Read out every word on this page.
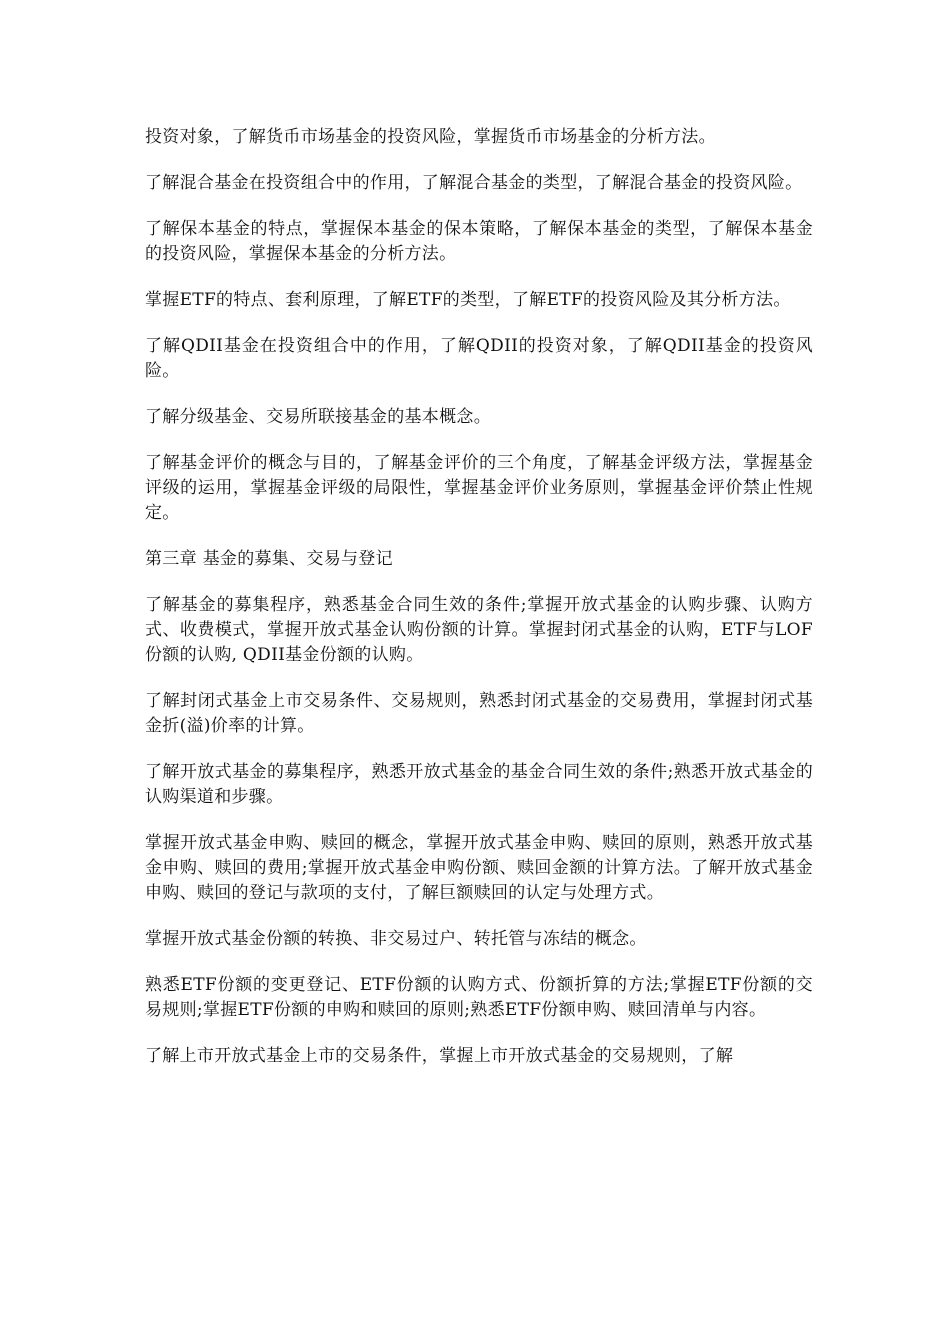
投资对象，了解货币市场基金的投资风险，掌握货币市场基金的分析方法。

了解混合基金在投资组合中的作用，了解混合基金的类型，了解混合基金的投资风险。

了解保本基金的特点，掌握保本基金的保本策略，了解保本基金的类型，了解保本基金的投资风险，掌握保本基金的分析方法。

掌握ETF的特点、套利原理，了解ETF的类型，了解ETF的投资风险及其分析方法。

了解QDII基金在投资组合中的作用，了解QDII的投资对象，了解QDII基金的投资风险。

了解分级基金、交易所联接基金的基本概念。

了解基金评价的概念与目的，了解基金评价的三个角度，了解基金评级方法，掌握基金评级的运用，掌握基金评级的局限性，掌握基金评价业务原则，掌握基金评价禁止性规定。

第三章 基金的募集、交易与登记

了解基金的募集程序，熟悉基金合同生效的条件;掌握开放式基金的认购步骤、认购方式、收费模式，掌握开放式基金认购份额的计算。掌握封闭式基金的认购，ETF与LOF份额的认购, QDII基金份额的认购。

了解封闭式基金上市交易条件、交易规则，熟悉封闭式基金的交易费用，掌握封闭式基金折(溢)价率的计算。

了解开放式基金的募集程序，熟悉开放式基金的基金合同生效的条件;熟悉开放式基金的认购渠道和步骤。

掌握开放式基金申购、赎回的概念，掌握开放式基金申购、赎回的原则，熟悉开放式基金申购、赎回的费用;掌握开放式基金申购份额、赎回金额的计算方法。了解开放式基金申购、赎回的登记与款项的支付，了解巨额赎回的认定与处理方式。

掌握开放式基金份额的转换、非交易过户、转托管与冻结的概念。

熟悉ETF份额的变更登记、ETF份额的认购方式、份额折算的方法;掌握ETF份额的交易规则;掌握ETF份额的申购和赎回的原则;熟悉ETF份额申购、赎回清单与内容。

了解上市开放式基金上市的交易条件，掌握上市开放式基金的交易规则，了解
